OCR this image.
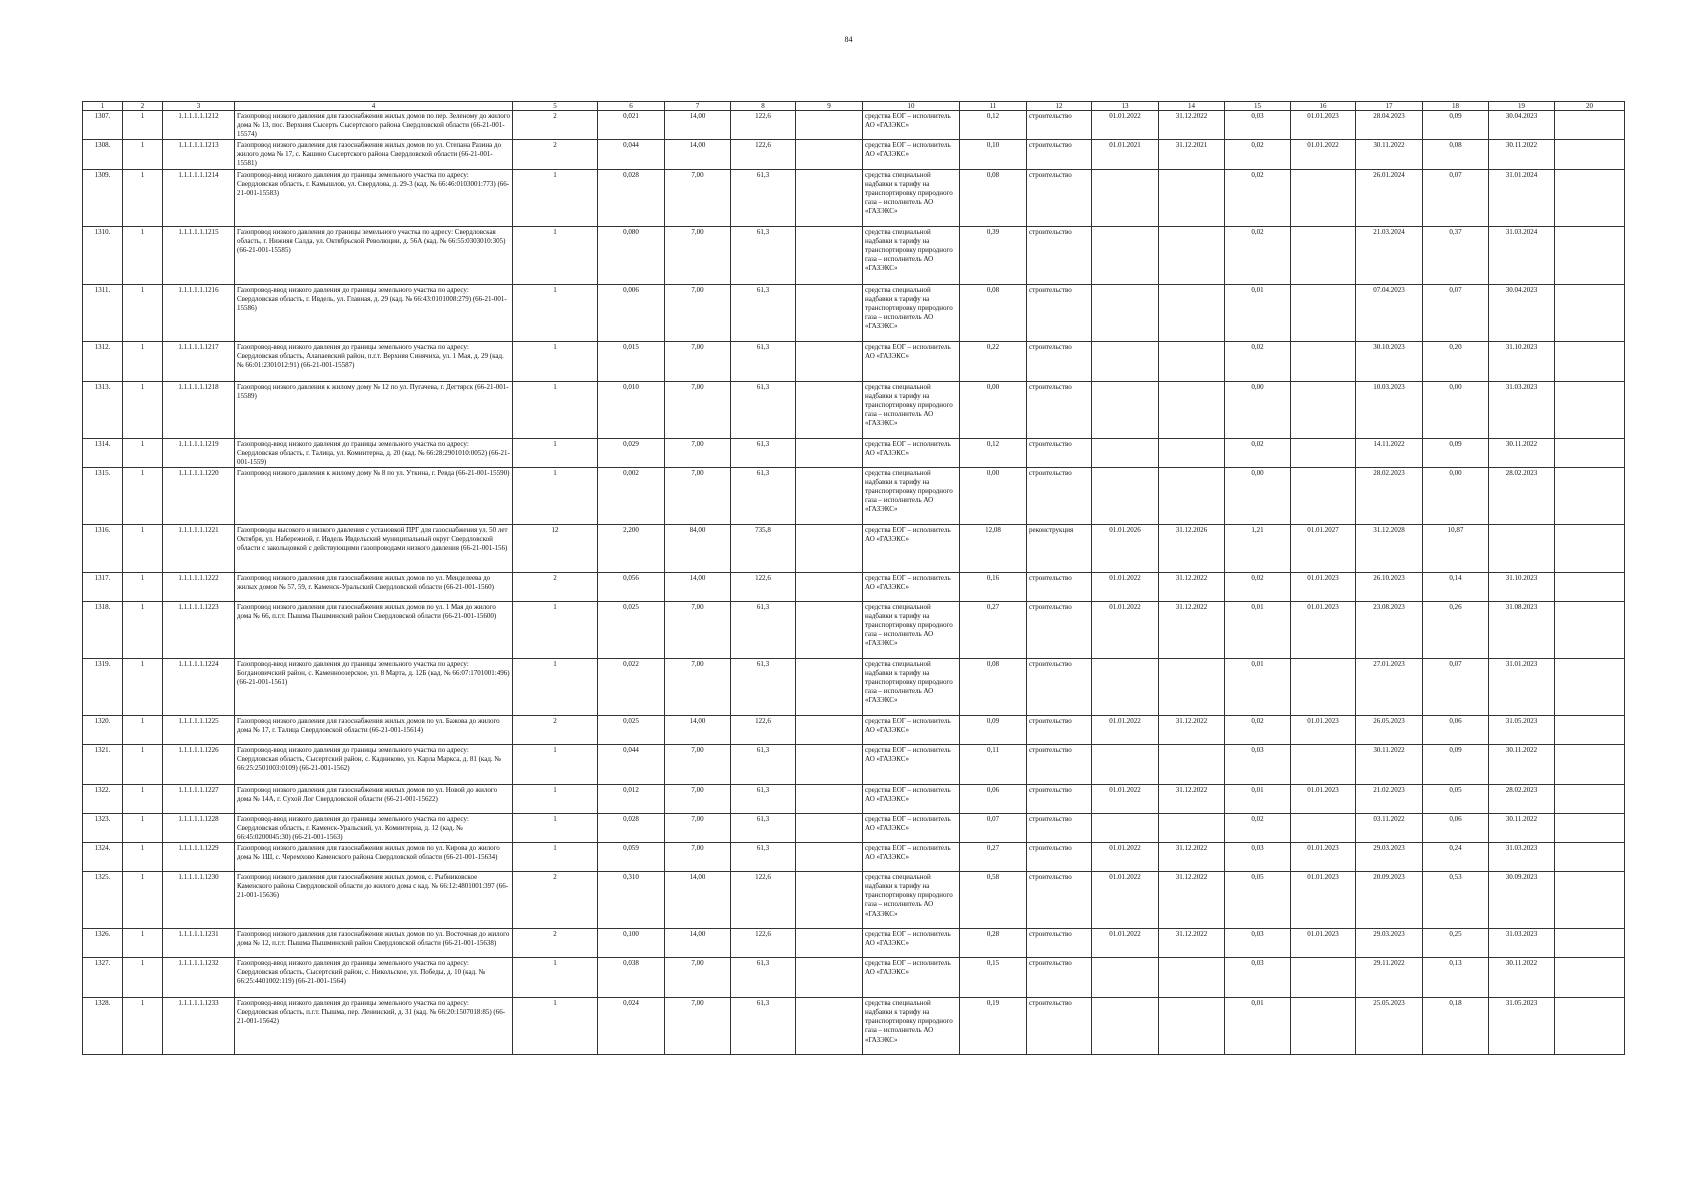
84
1	2	3	4	5	6	7	8	9	10	11	12	13	14	15	16	17	18	19	20
1307.	1	1.1.1.1.1.1212	Газопровод низкого давления для газоснабжения жилых домов по пер. Зеленому до жилого дома № 13, пос. Верхняя Сысерть Сысертского района Свердловской области (66-21-001-15574)	2	0,021	14,00	122,6		средства ЕОГ – исполнитель АО «ГАЗЭКС»	0,12	строительство	01.01.2022	31.12.2022	0,03	01.01.2023	28.04.2023	0,09	30.04.2023	
1308.	1	1.1.1.1.1.1213	Газопровод низкого давления для газоснабжения жилых домов по ул. Степана Разина до жилого дома № 17, с. Кашино Сысертского района Свердловской области (66-21-001-15581)	2	0,044	14,00	122,6		средства ЕОГ – исполнитель АО «ГАЗЭКС»	0,10	строительство	01.01.2021	31.12.2021	0,02	01.01.2022	30.11.2022	0,08	30.11.2022	
1309.	1	1.1.1.1.1.1214	Газопровод-ввод низкого давления до границы земельного участка по адресу: Свердловская область, г. Камышлов, ул. Свердлова, д. 29-3 (кад. № 66:46:0103001:773) (66-21-001-15583)	1	0,028	7,00	61,3		средства специальной надбавки к тарифу на транспортировку природного газа – исполнитель АО «ГАЗЭКС»	0,08	строительство			0,02		26.01.2024	0,07	31.01.2024	
1310.	1	1.1.1.1.1.1215	Газопровод низкого давления до границы земельного участка по адресу: Свердловская область, г. Нижняя Салда, ул. Октябрьской Революции, д. 56А (кад. № 66:55:0303010:305) (66-21-001-15585)	1	0,080	7,00	61,3		средства специальной надбавки к тарифу на транспортировку природного газа – исполнитель АО «ГАЗЭКС»	0,39	строительство			0,02		21.03.2024	0,37	31.03.2024	
1311.	1	1.1.1.1.1.1216	Газопровод-ввод низкого давления до границы земельного участка по адресу: Свердловская область, г. Ивдель, ул. Главная, д. 29 (кад. № 66:43:0101008:279) (66-21-001-15586)	1	0,006	7,00	61,3		средства специальной надбавки к тарифу на транспортировку природного газа – исполнитель АО «ГАЗЭКС»	0,08	строительство			0,01		07.04.2023	0,07	30.04.2023	
1312.	1	1.1.1.1.1.1217	Газопровод-ввод низкого давления до границы земельного участка по адресу: Свердловская область, Алапаевский район, п.г.т. Верхняя Синячиха, ул. 1 Мая, д. 29 (кад. № 66:01:2301012:91) (66-21-001-15587)	1	0,015	7,00	61,3		средства ЕОГ – исполнитель АО «ГАЗЭКС»	0,22	строительство			0,02		30.10.2023	0,20	31.10.2023	
1313.	1	1.1.1.1.1.1218	Газопровод низкого давления к жилому дому № 12 по ул. Пугачева, г. Дегтярск (66-21-001-15589)	1	0,010	7,00	61,3		средства специальной надбавки к тарифу на транспортировку природного газа – исполнитель АО «ГАЗЭКС»	0,00	строительство			0,00		10.03.2023	0,00	31.03.2023	
1314.	1	1.1.1.1.1.1219	Газопровод-ввод низкого давления до границы земельного участка по адресу: Свердловская область, г. Талица, ул. Коминтерна, д. 20 (кад. № 66:28:2901010:0052) (66-21-001-1559)	1	0,029	7,00	61,3		средства ЕОГ – исполнитель АО «ГАЗЭКС»	0,12	строительство			0,02		14.11.2022	0,09	30.11.2022	
1315.	1	1.1.1.1.1.1220	Газопровод низкого давления к жилому дому № 8 по ул. Уткина, г. Ревда (66-21-001-15590)	1	0,002	7,00	61,3		средства специальной надбавки к тарифу на транспортировку природного газа – исполнитель АО «ГАЗЭКС»	0,00	строительство			0,00		28.02.2023	0,00	28.02.2023	
1316.	1	1.1.1.1.1.1221	Газопроводы высокого и низкого давления с установкой ПРГ для газоснабжения ул. 50 лет Октября, ул. Набережной, г. Ивдель Ивдельский муниципальный округ Свердловской области с закольцовкой с действующими газопроводами низкого давления (66-21-001-156)	12	2,200	84,00	735,8		средства ЕОГ – исполнитель АО «ГАЗЭКС»	12,08	реконструкция	01.01.2026	31.12.2026	1,21	01.01.2027	31.12.2028	10,87		
1317.	1	1.1.1.1.1.1222	Газопровод низкого давления для газоснабжения жилых домов по ул. Менделеева до жилых домов № 57, 59, г. Каменск-Уральский Свердловской области (66-21-001-1560)	2	0,056	14,00	122,6		средства ЕОГ – исполнитель АО «ГАЗЭКС»	0,16	строительство	01.01.2022	31.12.2022	0,02	01.01.2023	26.10.2023	0,14	31.10.2023	
1318.	1	1.1.1.1.1.1223	Газопровод низкого давления для газоснабжения жилых домов по ул. 1 Мая до жилого дома № 66, п.г.т. Пышма Пышминский район Свердловской области (66-21-001-15600)	1	0,025	7,00	61,3		средства специальной надбавки к тарифу на транспортировку природного газа – исполнитель АО «ГАЗЭКС»	0,27	строительство	01.01.2022	31.12.2022	0,01	01.01.2023	23.08.2023	0,26	31.08.2023	
1319.	1	1.1.1.1.1.1224	Газопровод-ввод низкого давления до границы земельного участка по адресу: Богдановичский район, с. Каменноозерское, ул. 8 Марта, д. 12Б (кад. № 66:07:1701001:496) (66-21-001-1561)	1	0,022	7,00	61,3		средства специальной надбавки к тарифу на транспортировку природного газа – исполнитель АО «ГАЗЭКС»	0,08	строительство			0,01		27.01.2023	0,07	31.01.2023	
1320.	1	1.1.1.1.1.1225	Газопровод низкого давления для газоснабжения жилых домов по ул. Бажова до жилого дома № 17, г. Талица Свердловской области (66-21-001-15614)	2	0,025	14,00	122,6		средства ЕОГ – исполнитель АО «ГАЗЭКС»	0,09	строительство	01.01.2022	31.12.2022	0,02	01.01.2023	26.05.2023	0,06	31.05.2023	
1321.	1	1.1.1.1.1.1226	Газопровод-ввод низкого давления до границы земельного участка по адресу: Свердловская область, Сысертский район, с. Кадниково, ул. Карла Маркса, д. 81 (кад. № 66:25:2501003:0109) (66-21-001-1562)	1	0,044	7,00	61,3		средства ЕОГ – исполнитель АО «ГАЗЭКС»	0,11	строительство			0,03		30.11.2022	0,09	30.11.2022	
1322.	1	1.1.1.1.1.1227	Газопровод низкого давления для газоснабжения жилых домов по ул. Новой до жилого дома № 14А, г. Сухой Лог Свердловской области (66-21-001-15622)	1	0,012	7,00	61,3		средства ЕОГ – исполнитель АО «ГАЗЭКС»	0,06	строительство	01.01.2022	31.12.2022	0,01	01.01.2023	21.02.2023	0,05	28.02.2023	
1323.	1	1.1.1.1.1.1228	Газопровод-ввод низкого давления до границы земельного участка по адресу: Свердловская область, г. Каменск-Уральский, ул. Коминтерна, д. 12 (кад. № 66:45:0200045:30) (66-21-001-1563)	1	0,028	7,00	61,3		средства ЕОГ – исполнитель АО «ГАЗЭКС»	0,07	строительство			0,02		03.11.2022	0,06	30.11.2022	
1324.	1	1.1.1.1.1.1229	Газопровод низкого давления для газоснабжения жилых домов по ул. Кирова до жилого дома № 1Ш, с. Черемхово Каменского района Свердловской области (66-21-001-15634)	1	0,059	7,00	61,3		средства ЕОГ – исполнитель АО «ГАЗЭКС»	0,27	строительство	01.01.2022	31.12.2022	0,03	01.01.2023	29.03.2023	0,24	31.03.2023	
1325.	1	1.1.1.1.1.1230	Газопровод низкого давления для газоснабжения жилых домов, с. Рыбниковское Каменского района Свердловской области до жилого дома с кад. № 66:12:4801001:397 (66-21-001-15636)	2	0,310	14,00	122,6		средства специальной надбавки к тарифу на транспортировку природного газа – исполнитель АО «ГАЗЭКС»	0,58	строительство	01.01.2022	31.12.2022	0,05	01.01.2023	20.09.2023	0,53	30.09.2023	
1326.	1	1.1.1.1.1.1231	Газопровод низкого давления для газоснабжения жилых домов по ул. Восточная до жилого дома № 12, п.г.т. Пышма Пышминский район Свердловской области (66-21-001-15638)	2	0,100	14,00	122,6		средства ЕОГ – исполнитель АО «ГАЗЭКС»	0,28	строительство	01.01.2022	31.12.2022	0,03	01.01.2023	29.03.2023	0,25	31.03.2023	
1327.	1	1.1.1.1.1.1232	Газопровод-ввод низкого давления до границы земельного участка по адресу: Свердловская область, Сысертский район, с. Никольское, ул. Победы, д. 10 (кад. № 66:25:4401002:119) (66-21-001-1564)	1	0,038	7,00	61,3		средства ЕОГ – исполнитель АО «ГАЗЭКС»	0,15	строительство			0,03		29.11.2022	0,13	30.11.2022	
1328.	1	1.1.1.1.1.1233	Газопровод-ввод низкого давления до границы земельного участка по адресу: Свердловская область, п.г.т. Пышма, пер. Ленинский, д. 31 (кад. № 66:20:1507018:85) (66-21-001-15642)	1	0,024	7,00	61,3		средства специальной надбавки к тарифу на транспортировку природного газа – исполнитель АО «ГАЗЭКС»	0,19	строительство			0,01		25.05.2023	0,18	31.05.2023	
